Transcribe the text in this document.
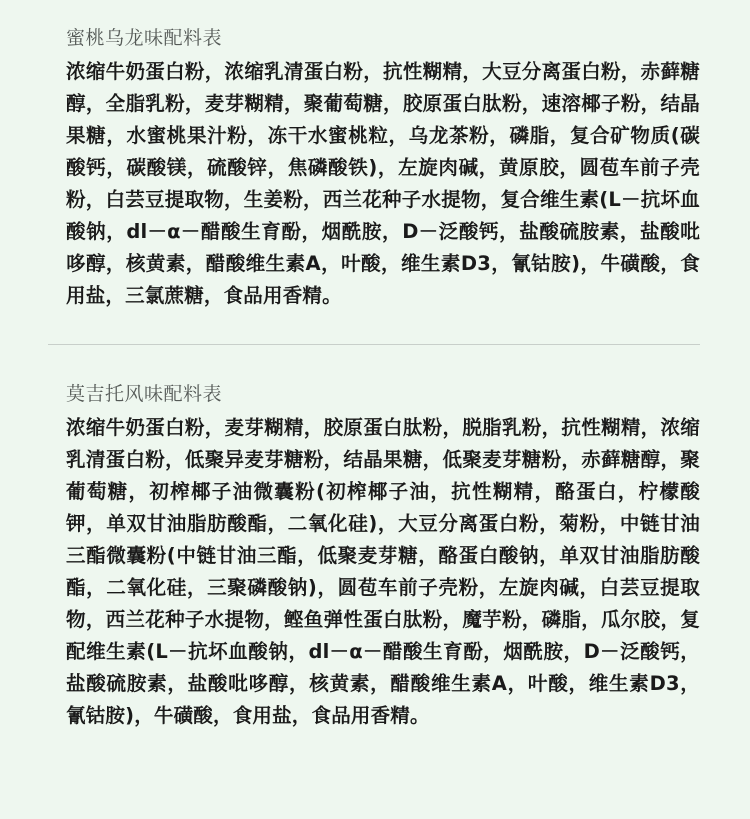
蜜桃乌龙味配料表

浓缩牛奶蛋白粉，浓缩乳清蛋白粉，抗性糊精，大豆分离蛋白粉，赤藓糖醇，全脂乳粉，麦芽糊精，聚葡萄糖，胶原蛋白肽粉，速溶椰子粉，结晶果糖，水蜜桃果汁粉，冻干水蜜桃粒，乌龙茶粉，磷脂，复合矿物质(碳酸钙，碳酸镁，硫酸锌，焦磷酸铁)，左旋肉碱，黄原胶，圆苞车前子壳粉，白芸豆提取物，生姜粉，西兰花种子水提物，复合维生素(L－抗坏血酸钠，dl－α－醋酸生育酚，烟酰胺，D－泛酸钙，盐酸硫胺素，盐酸吡哆醇，核黄素，醋酸维生素A，叶酸，维生素D3，氰钴胺)，牛磺酸，食用盐，三氯蔗糖，食品用香精。

莫吉托风味配料表

浓缩牛奶蛋白粉，麦芽糊精，胶原蛋白肽粉，脱脂乳粉，抗性糊精，浓缩乳清蛋白粉，低聚异麦芽糖粉，结晶果糖，低聚麦芽糖粉，赤藓糖醇，聚葡萄糖，初榨椰子油微囊粉(初榨椰子油，抗性糊精，酪蛋白，柠檬酸钾，单双甘油脂肪酸酯，二氧化硅)，大豆分离蛋白粉，菊粉，中链甘油三酯微囊粉(中链甘油三酯，低聚麦芽糖，酪蛋白酸钠，单双甘油脂肪酸酯，二氧化硅，三聚磷酸钠)，圆苞车前子壳粉，左旋肉碱，白芸豆提取物，西兰花种子水提物，鲣鱼弹性蛋白肽粉，魔芋粉，磷脂，瓜尔胶，复配维生素(L－抗坏血酸钠，dl－α－醋酸生育酚，烟酰胺，D－泛酸钙，盐酸硫胺素，盐酸吡哆醇，核黄素，醋酸维生素A，叶酸，维生素D3，氰钴胺)，牛磺酸，食用盐，食品用香精。
